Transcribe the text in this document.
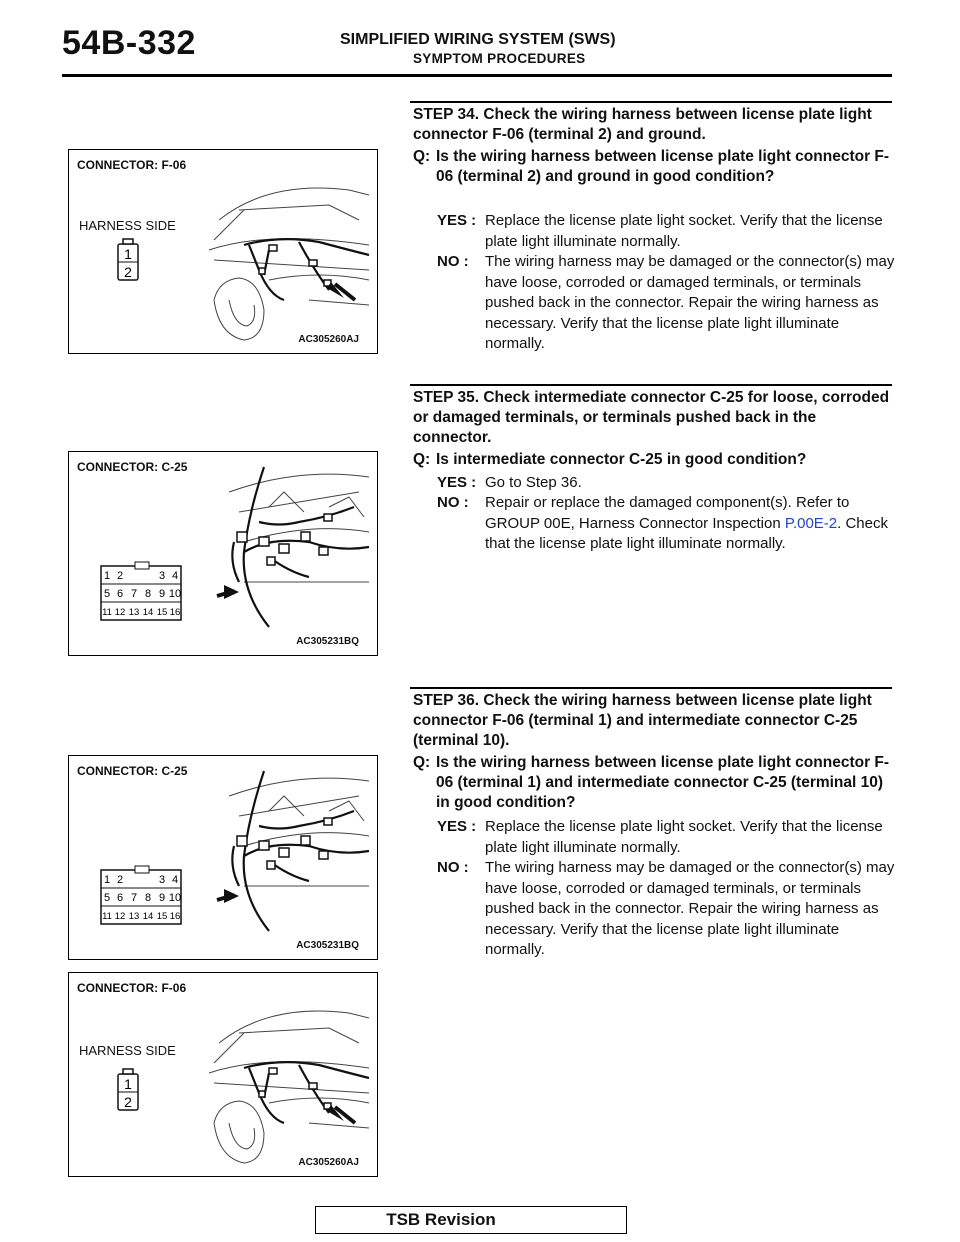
54B-332	SIMPLIFIED WIRING SYSTEM (SWS)
SYMPTOM PROCEDURES
1
2
CONNECTOR: F-06
HARNESS SIDE
AC305260AJ
STEP 34. Check the wiring harness between license plate light connector F-06 (terminal 2) and ground.
Q: Is the wiring harness between license plate light connector F-06 (terminal 2) and ground in good condition?
YES : Replace the license plate light socket. Verify that the license plate light illuminate normally.
NO : The wiring harness may be damaged or the connector(s) may have loose, corroded or damaged terminals, or terminals pushed back in the connector. Repair the wiring harness as necessary. Verify that the license plate light illuminate normally.
1 2	3 4
5 6 7 8 9 10
11 12 13 14 15 16
CONNECTOR: C-25
AC305231BQ
STEP 35. Check intermediate connector C-25 for loose, corroded or damaged terminals, or terminals pushed back in the connector.
Q: Is intermediate connector C-25 in good condition?
YES : Go to Step 36.
NO : Repair or replace the damaged component(s). Refer to GROUP 00E, Harness Connector Inspection P.00E-2. Check that the license plate light illuminate normally.
1 2	3 4
5 6 7 8 9 10
11 12 13 14 15 16
CONNECTOR: C-25
AC305231BQ
1
2
CONNECTOR: F-06
HARNESS SIDE
AC305260AJ
STEP 36. Check the wiring harness between license plate light connector F-06 (terminal 1) and intermediate connector C-25 (terminal 10).
Q: Is the wiring harness between license plate light connector F-06 (terminal 1) and intermediate connector C-25 (terminal 10) in good condition?
YES : Replace the license plate light socket. Verify that the license plate light illuminate normally.
NO : The wiring harness may be damaged or the connector(s) may have loose, corroded or damaged terminals, or terminals pushed back in the connector. Repair the wiring harness as necessary. Verify that the license plate light illuminate normally.
TSB Revision
